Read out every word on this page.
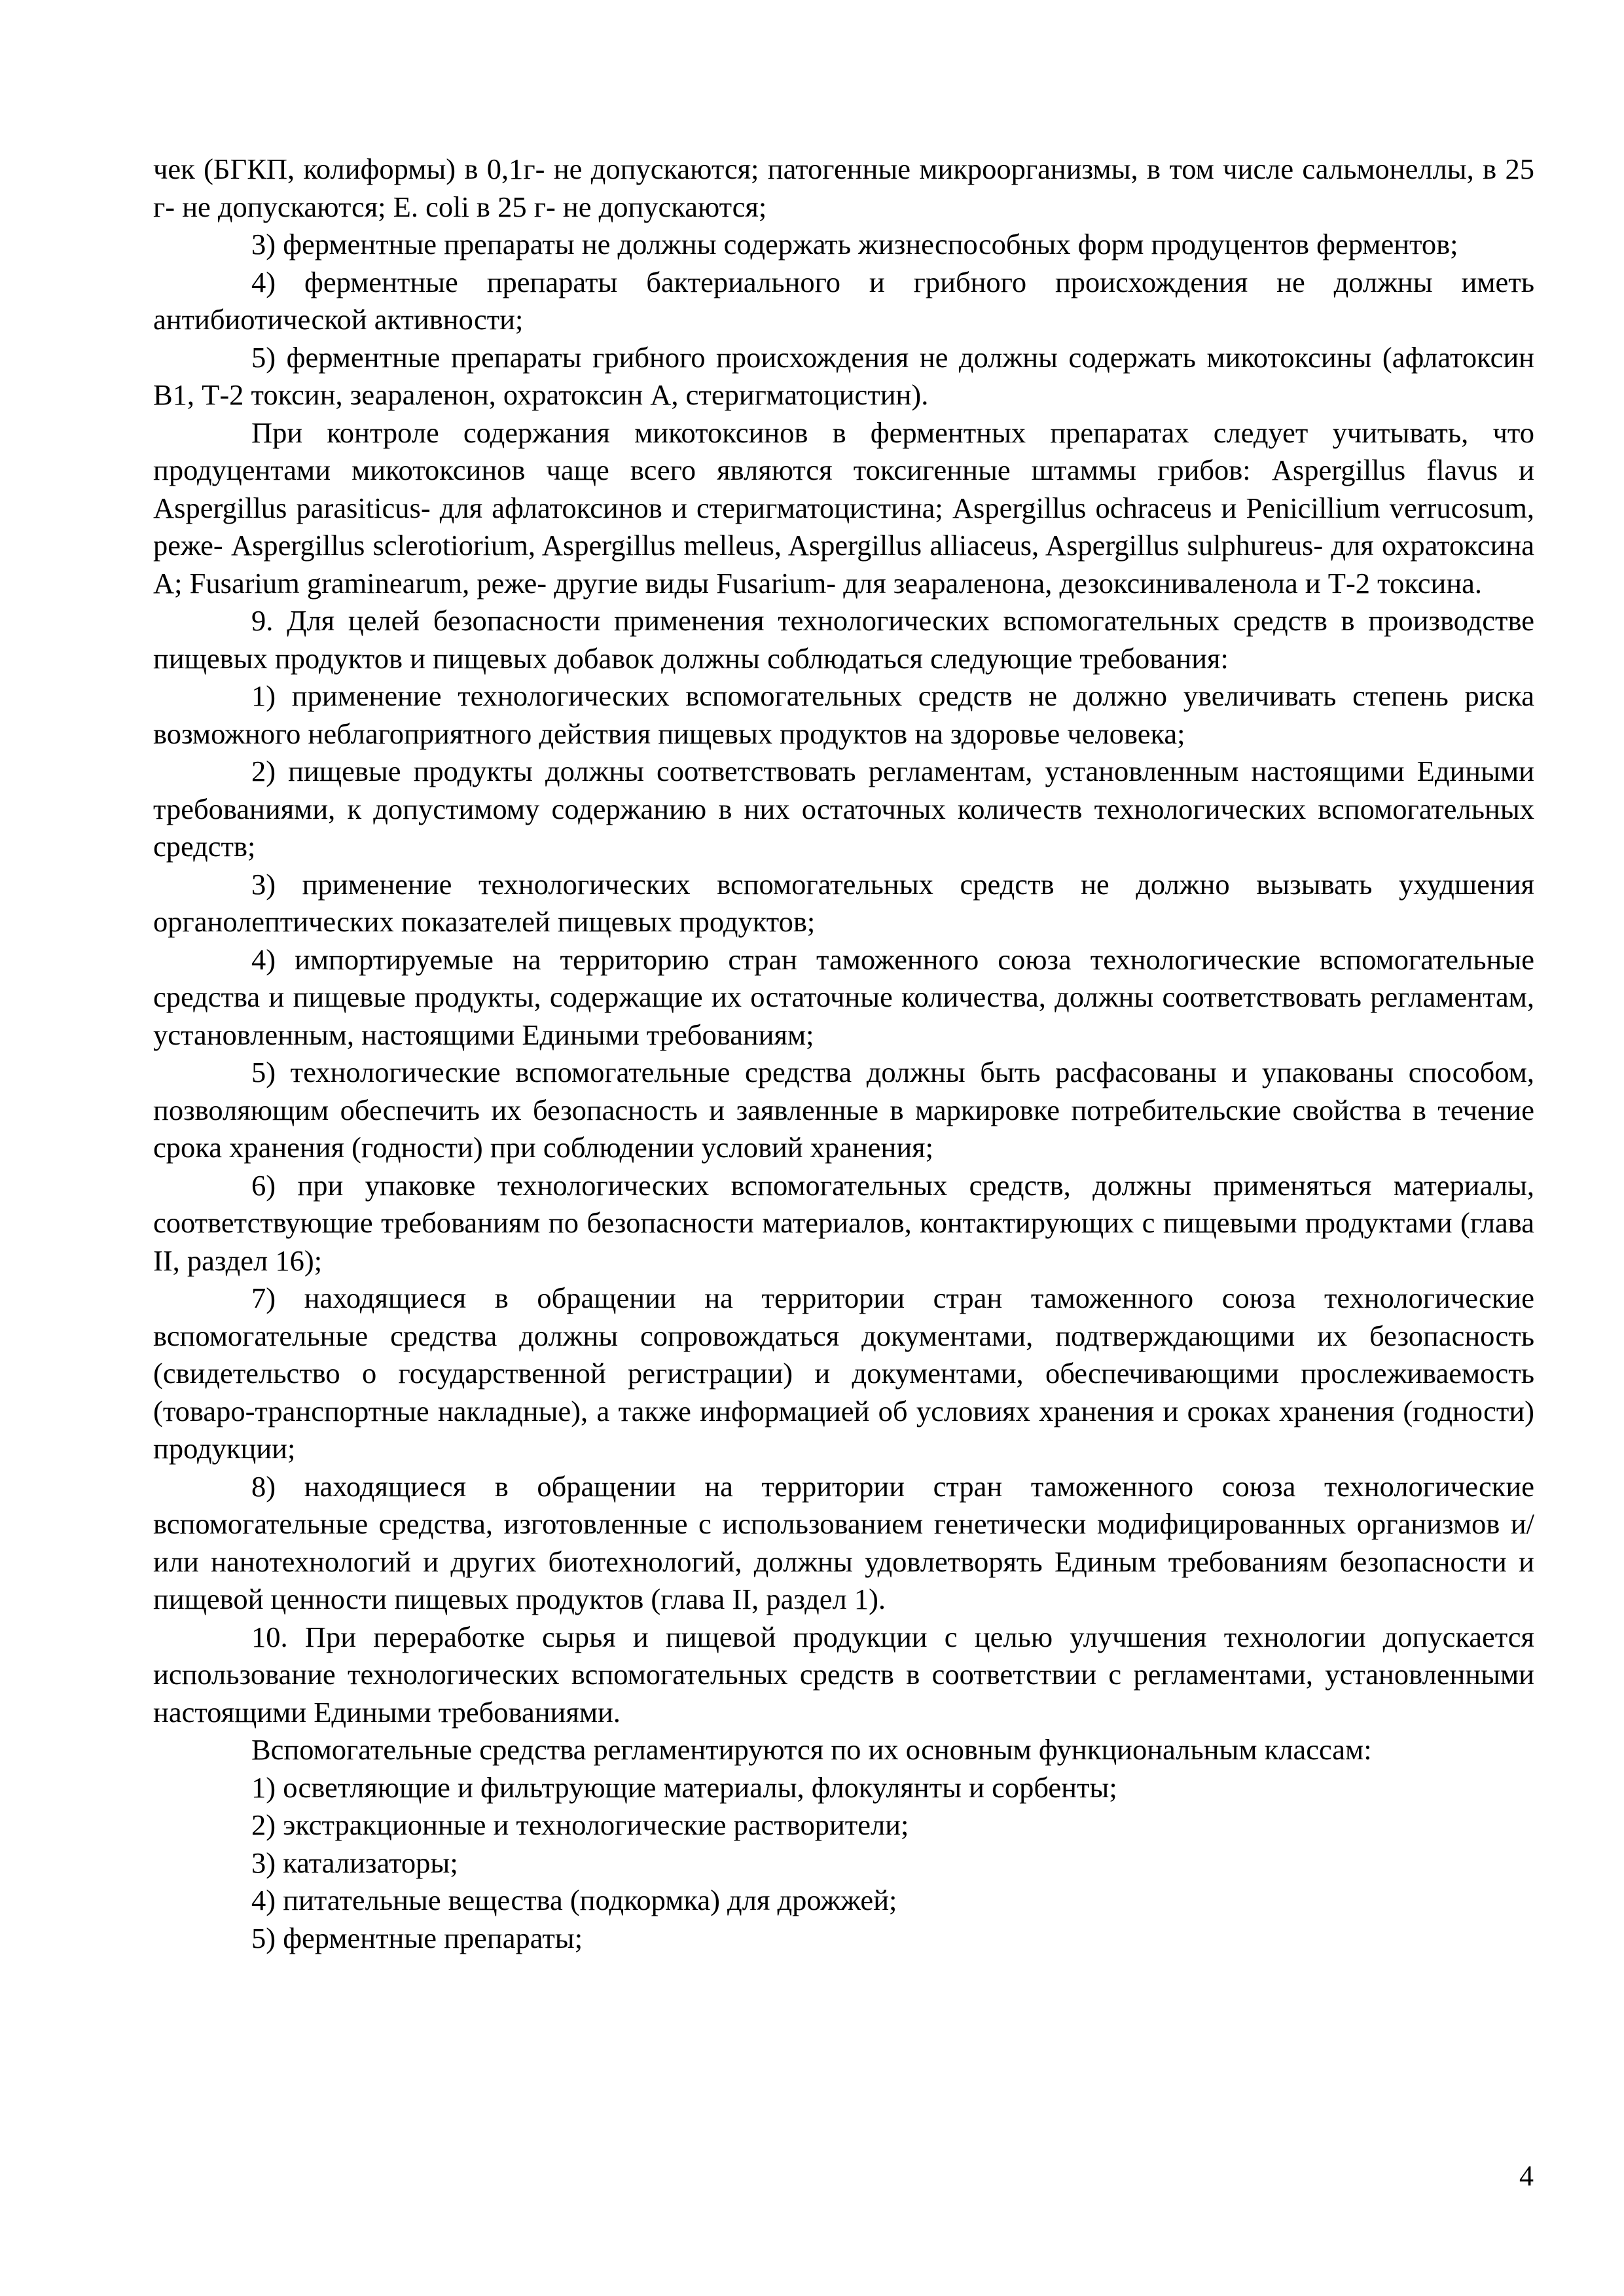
чек (БГКП, колиформы) в 0,1г- не допускаются; патогенные микроорганизмы, в том числе сальмонеллы, в 25 г- не допускаются; E. coli в 25 г- не допускаются;

3) ферментные препараты не должны содержать жизнеспособных форм продуцентов ферментов;

4) ферментные препараты бактериального и грибного происхождения не должны иметь антибиотической активности;

5) ферментные препараты грибного происхождения не должны содержать микотоксины (афлатоксин В1, Т-2 токсин, зеараленон, охратоксин А, стеригматоцистин).

При контроле содержания микотоксинов в ферментных препаратах следует учитывать, что продуцентами микотоксинов чаще всего являются токсигенные штаммы грибов: Aspergillus flavus и Aspergillus parasiticus- для афлатоксинов и стеригматоцистина; Aspergillus ochraceus и Penicillium verrucosum, реже- Aspergillus sclerotiorium, Aspergillus melleus, Aspergillus alliaceus, Aspergillus sulphureus- для охратоксина А; Fusarium graminearum, реже- другие виды Fusarium- для зеараленона, дезоксиниваленола и Т-2 токсина.

9. Для целей безопасности применения технологических вспомогательных средств в производстве пищевых продуктов и пищевых добавок должны соблюдаться следующие требования:

1) применение технологических вспомогательных средств не должно увеличивать степень риска возможного неблагоприятного действия пищевых продуктов на здоровье человека;

2) пищевые продукты должны соответствовать регламентам, установленным настоящими Едиными требованиями, к допустимому содержанию в них остаточных количеств технологических вспомогательных средств;

3) применение технологических вспомогательных средств не должно вызывать ухудшения органолептических показателей пищевых продуктов;

4) импортируемые на территорию стран таможенного союза технологические вспомогательные средства и пищевые продукты, содержащие их остаточные количества, должны соответствовать регламентам, установленным, настоящими Едиными требованиям;

5) технологические вспомогательные средства должны быть расфасованы и упакованы способом, позволяющим обеспечить их безопасность и заявленные в маркировке потребительские свойства в течение срока хранения (годности) при соблюдении условий хранения;

6) при упаковке технологических вспомогательных средств, должны применяться материалы, соответствующие требованиям по безопасности материалов, контактирующих с пищевыми продуктами (глава II, раздел 16);

7) находящиеся в обращении на территории стран таможенного союза технологические вспомогательные средства должны сопровождаться документами, подтверждающими их безопасность (свидетельство о государственной регистрации) и документами, обеспечивающими прослеживаемость (товаро-транспортные накладные), а также информацией об условиях хранения и сроках хранения (годности) продукции;

8) находящиеся в обращении на территории стран таможенного союза технологические вспомогательные средства, изготовленные с использованием генетически модифицированных организмов и/или нанотехнологий и других биотехнологий, должны удовлетворять Единым требованиям безопасности и пищевой ценности пищевых продуктов (глава II, раздел 1).

10. При переработке сырья и пищевой продукции с целью улучшения технологии допускается использование технологических вспомогательных средств в соответствии с регламентами, установленными настоящими Едиными требованиями.

Вспомогательные средства регламентируются по их основным функциональным классам:

1) осветляющие и фильтрующие материалы, флокулянты и сорбенты;

2) экстракционные и технологические растворители;

3) катализаторы;

4) питательные вещества (подкормка) для дрожжей;

5) ферментные препараты;

4
